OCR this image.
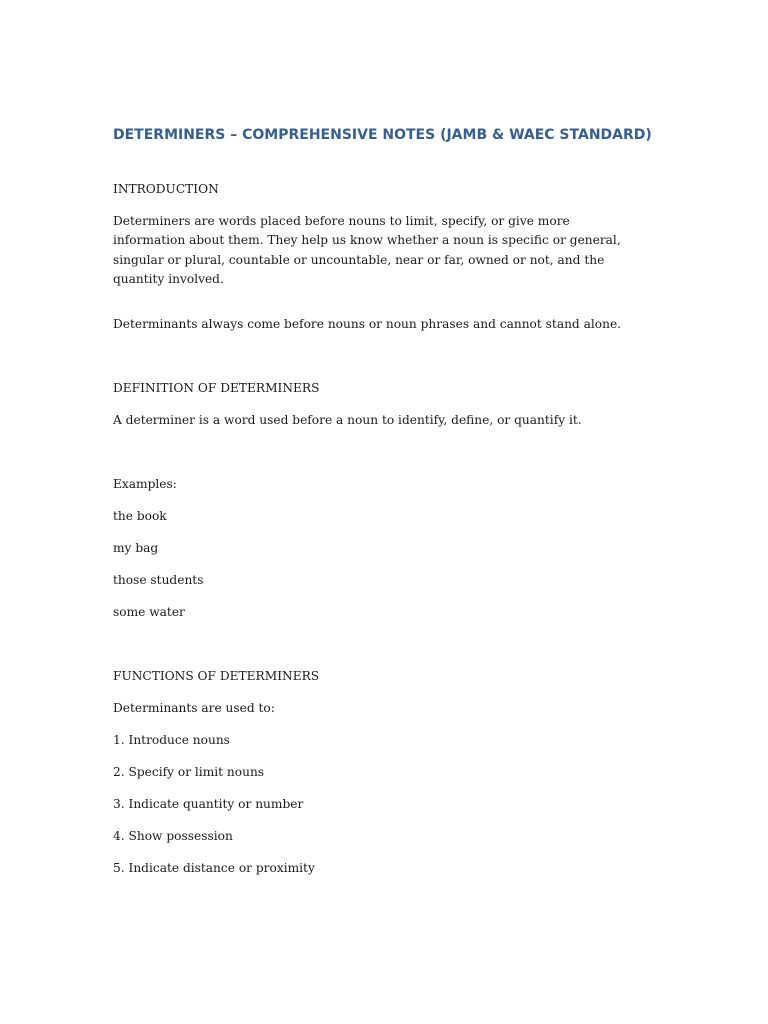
DETERMINERS – COMPREHENSIVE NOTES (JAMB & WAEC STANDARD)

INTRODUCTION

Determiners are words placed before nouns to limit, specify, or give more information about them. They help us know whether a noun is specific or general, singular or plural, countable or uncountable, near or far, owned or not, and the quantity involved.

Determinants always come before nouns or noun phrases and cannot stand alone.

DEFINITION OF DETERMINERS

A determiner is a word used before a noun to identify, define, or quantify it.

Examples:

the book

my bag

those students

some water

FUNCTIONS OF DETERMINERS

Determinants are used to:

1. Introduce nouns

2. Specify or limit nouns

3. Indicate quantity or number

4. Show possession

5. Indicate distance or proximity
